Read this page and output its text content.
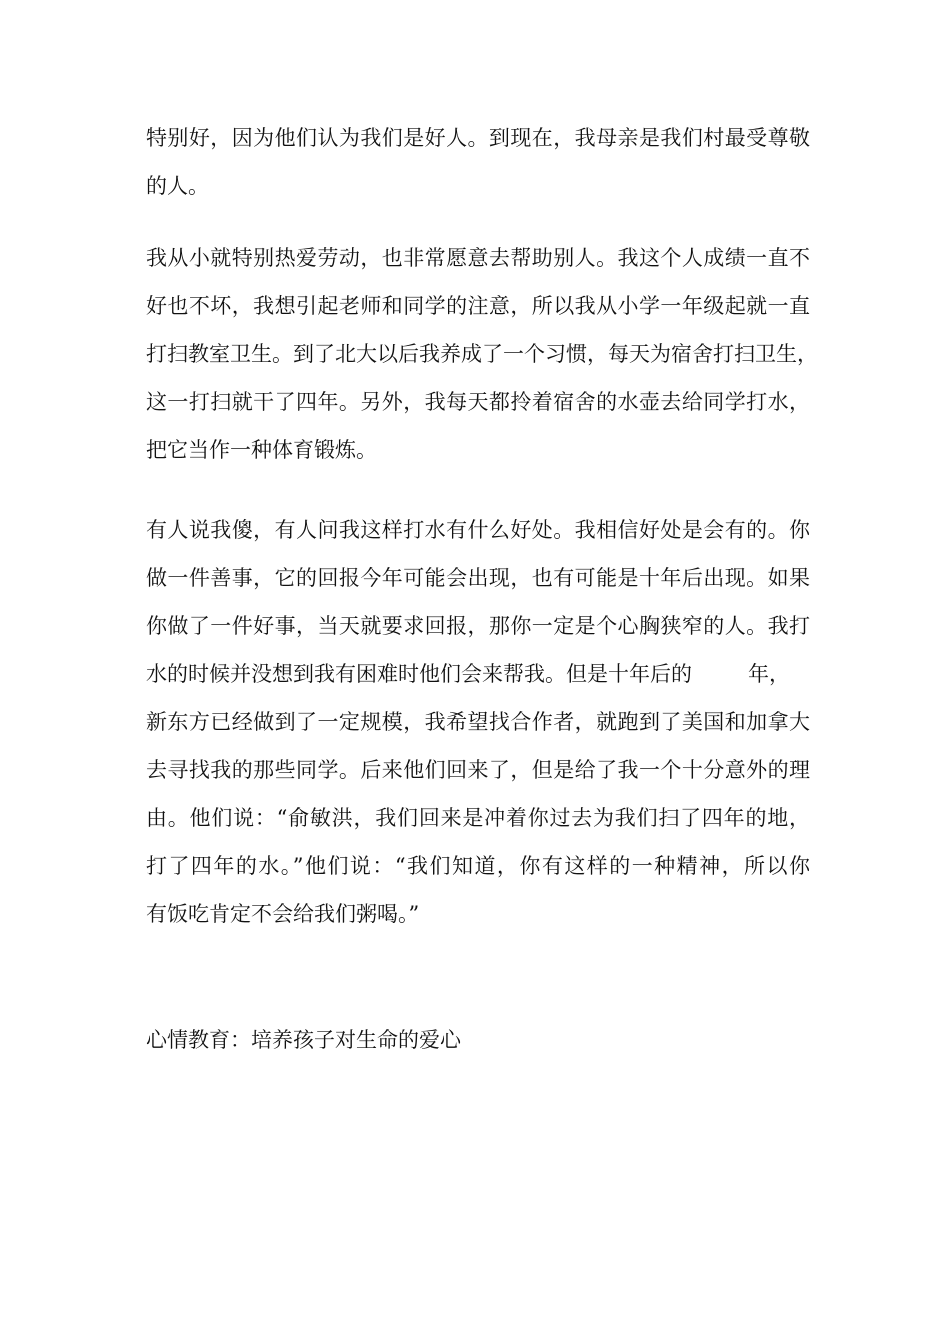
特别好，因为他们认为我们是好人。到现在，我母亲是我们村最受尊敬
的人。
我从小就特别热爱劳动，也非常愿意去帮助别人。我这个人成绩一直不
好也不坏，我想引起老师和同学的注意，所以我从小学一年级起就一直
打扫教室卫生。到了北大以后我养成了一个习惯，每天为宿舍打扫卫生，
这一打扫就干了四年。另外，我每天都拎着宿舍的水壶去给同学打水，
把它当作一种体育锻炼。
有人说我傻，有人问我这样打水有什么好处。我相信好处是会有的。你
做一件善事，它的回报今年可能会出现，也有可能是十年后出现。如果
你做了一件好事，当天就要求回报，那你一定是个心胸狭窄的人。我打
水的时候并没想到我有困难时他们会来帮我。但是十年后的	年，
新东方已经做到了一定规模，我希望找合作者，就跑到了美国和加拿大
去寻找我的那些同学。后来他们回来了，但是给了我一个十分意外的理
由。他们说：“俞敏洪，我们回来是冲着你过去为我们扫了四年的地，
打了四年的水。”他们说：“我们知道，你有这样的一种精神，所以你
有饭吃肯定不会给我们粥喝。”
心情教育：培养孩子对生命的爱心
